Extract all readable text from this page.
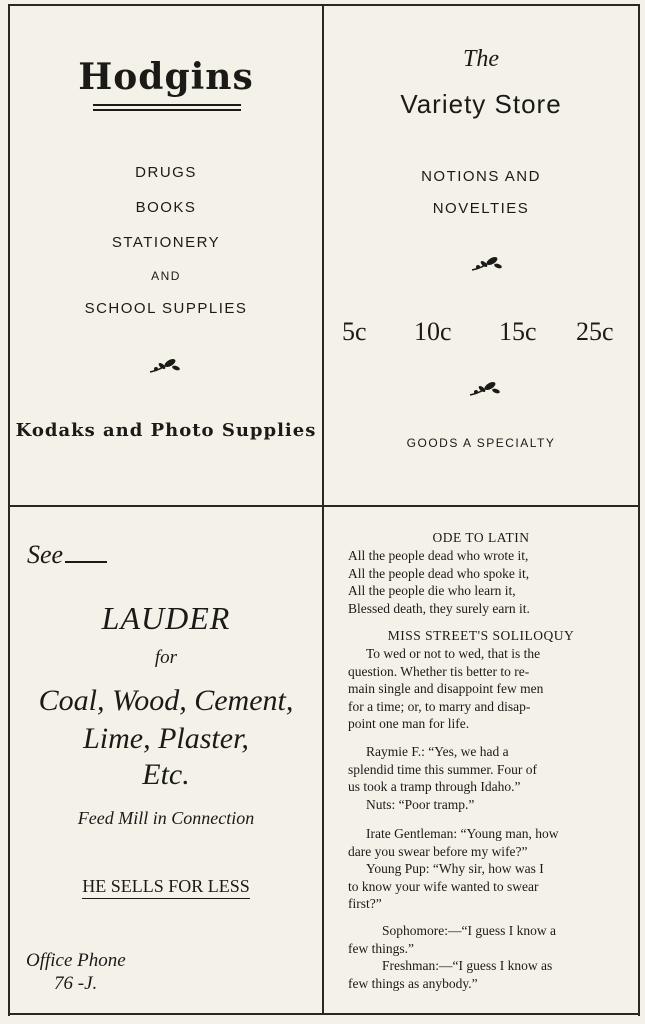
Hodgins
DRUGS
BOOKS
STATIONERY
AND
SCHOOL SUPPLIES
Kodaks and Photo Supplies
The
Variety Store
NOTIONS AND
NOVELTIES
5c 10c 15c 25c
GOODS A SPECIALTY
See
LAUDER
for
Coal, Wood, Cement,
Lime, Plaster,
Etc.
Feed Mill in Connection
HE SELLS FOR LESS
Office Phone
76 -J.
ODE TO LATIN

All the people dead who wrote it,

All the people dead who spoke it,

All the people die who learn it,

Blessed death, they surely earn it.

MISS STREET'S SOLILOQUY

To wed or not to wed, that is the

question. Whether tis better to re-

main single and disappoint few men

for a time; or, to marry and disap-

point one man for life.

Raymie F.: “Yes, we had a

splendid time this summer. Four of

us took a tramp through Idaho.”

Nuts: “Poor tramp.”

Irate Gentleman: “Young man, how

dare you swear before my wife?”

Young Pup: “Why sir, how was I

to know your wife wanted to swear

first?”

Sophomore:—“I guess I know a

few things.”

Freshman:—“I guess I know as

few things as anybody.”
